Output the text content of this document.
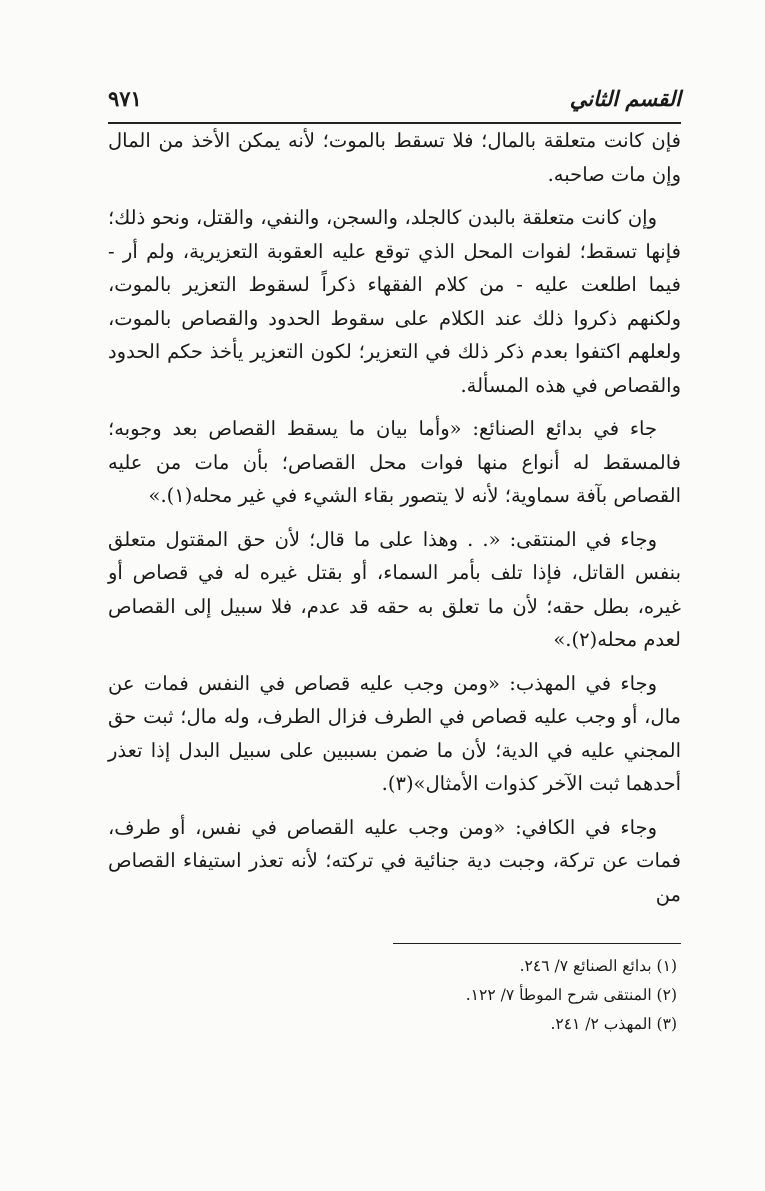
القسم الثاني
٩٧١

فإن كانت متعلقة بالمال؛ فلا تسقط بالموت؛ لأنه يمكن الأخذ من المال وإن مات صاحبه.

وإن كانت متعلقة بالبدن كالجلد، والسجن، والنفي، والقتل، ونحو ذلك؛ فإنها تسقط؛ لفوات المحل الذي توقع عليه العقوبة التعزيرية، ولم أر - فيما اطلعت عليه - من كلام الفقهاء ذكراً لسقوط التعزير بالموت، ولكنهم ذكروا ذلك عند الكلام على سقوط الحدود والقصاص بالموت، ولعلهم اكتفوا بعدم ذكر ذلك في التعزير؛ لكون التعزير يأخذ حكم الحدود والقصاص في هذه المسألة.

جاء في بدائع الصنائع: «وأما بيان ما يسقط القصاص بعد وجوبه؛ فالمسقط له أنواع منها فوات محل القصاص؛ بأن مات من عليه القصاص بآفة سماوية؛ لأنه لا يتصور بقاء الشيء في غير محله(١).»

وجاء في المنتقى: «. . وهذا على ما قال؛ لأن حق المقتول متعلق بنفس القاتل، فإذا تلف بأمر السماء، أو بقتل غيره له في قصاص أو غيره، بطل حقه؛ لأن ما تعلق به حقه قد عدم، فلا سبيل إلى القصاص لعدم محله(٢).»

وجاء في المهذب: «ومن وجب عليه قصاص في النفس فمات عن مال، أو وجب عليه قصاص في الطرف فزال الطرف، وله مال؛ ثبت حق المجني عليه في الدية؛ لأن ما ضمن بسببين على سبيل البدل إذا تعذر أحدهما ثبت الآخر كذوات الأمثال»(٣).

وجاء في الكافي: «ومن وجب عليه القصاص في نفس، أو طرف، فمات عن تركة، وجبت دية جنائية في تركته؛ لأنه تعذر استيفاء القصاص من

(١) بدائع الصنائع ٧/ ٢٤٦.
(٢) المنتقى شرح الموطأ ٧/ ١٢٢.
(٣) المهذب ٢/ ٢٤١.
